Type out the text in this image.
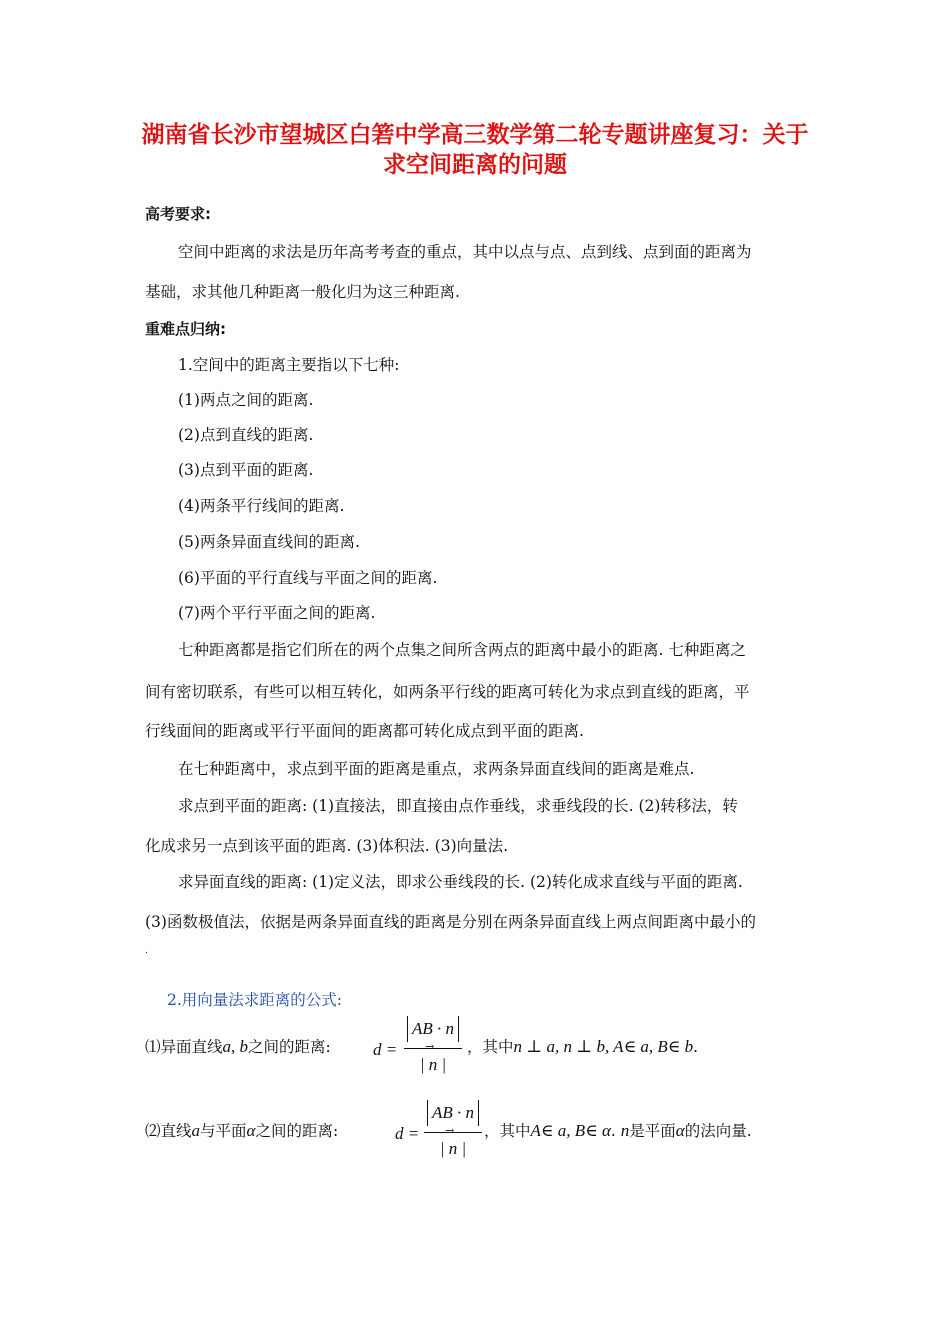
湖南省长沙市望城区白箬中学高三数学第二轮专题讲座复习：关于
求空间距离的问题
高考要求:
空间中距离的求法是历年高考考查的重点，其中以点与点、点到线、点到面的距离为
基础，求其他几种距离一般化归为这三种距离.
重难点归纳:
1.空间中的距离主要指以下七种:
(1)两点之间的距离.
(2)点到直线的距离.
(3)点到平面的距离.
(4)两条平行线间的距离.
(5)两条异面直线间的距离.
(6)平面的平行直线与平面之间的距离.
(7)两个平行平面之间的距离.
七种距离都是指它们所在的两个点集之间所含两点的距离中最小的距离. 七种距离之
间有密切联系，有些可以相互转化，如两条平行线的距离可转化为求点到直线的距离，平
行线面间的距离或平行平面间的距离都可转化成点到平面的距离.
在七种距离中，求点到平面的距离是重点，求两条异面直线间的距离是难点.
求点到平面的距离: (1)直接法，即直接由点作垂线，求垂线段的长. (2)转移法，转
化成求另一点到该平面的距离. (3)体积法. (3)向量法.
求异面直线的距离: (1)定义法，即求公垂线段的长. (2)转化成求直线与平面的距离.
(3)函数极值法，依据是两条异面直线的距离是分别在两条异面直线上两点间距离中最小的
.
2.用向量法求距离的公式:
⑴异面直线a, b之间的距离: d =
AB · n
| n |
→ ，其中n ⊥ a, n ⊥ b, A∈ a, B∈ b.
⑵直线a与平面α之间的距离:	d =
AB · n
| n |
→ ，其中A∈ a, B∈ α. n是平面α的法向量.
